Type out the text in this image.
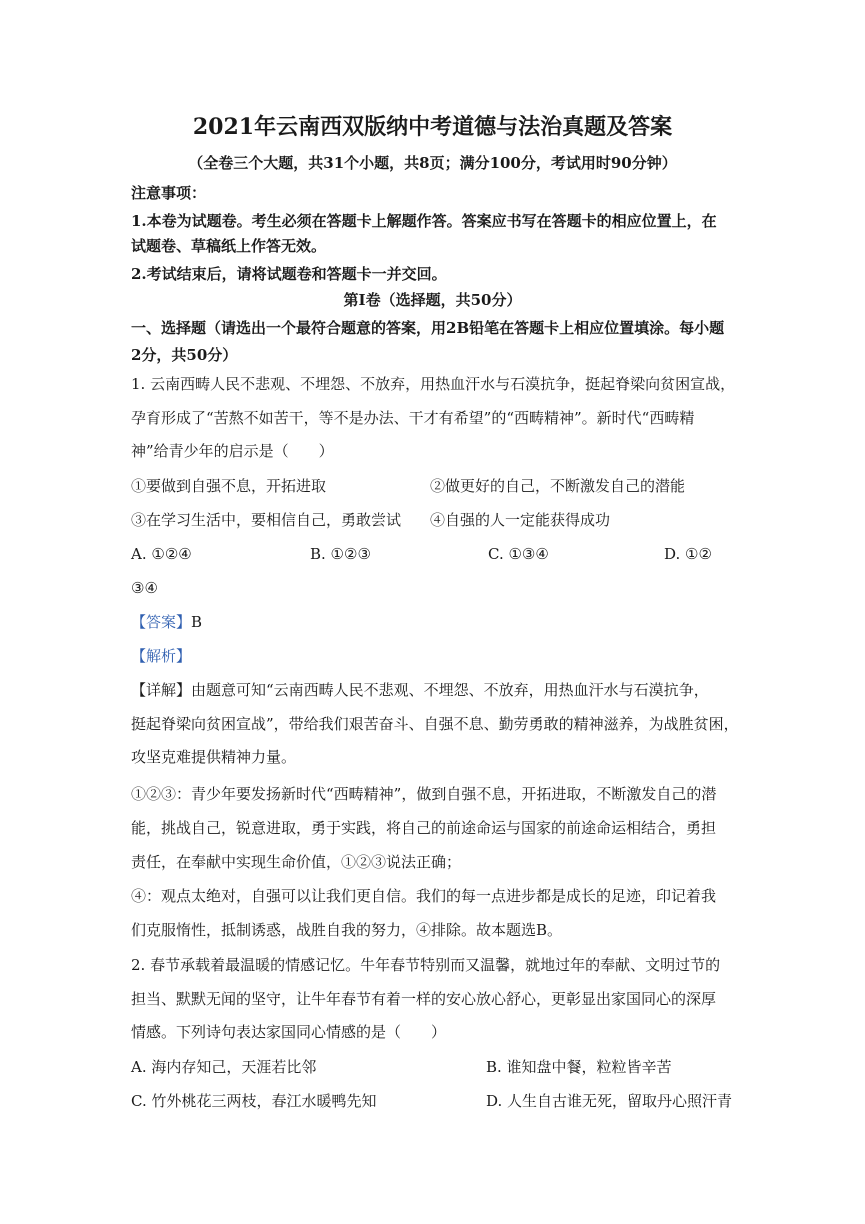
2021年云南西双版纳中考道德与法治真题及答案
（全卷三个大题，共31个小题，共8页；满分100分，考试用时90分钟）
注意事项：
1.本卷为试题卷。考生必须在答题卡上解题作答。答案应书写在答题卡的相应位置上，在
试题卷、草稿纸上作答无效。
2.考试结束后，请将试题卷和答题卡一并交回。
第Ⅰ卷（选择题，共50分）
一、选择题（请选出一个最符合题意的答案，用2B铅笔在答题卡上相应位置填涂。每小题
2分，共50分）
1. 云南西畴人民不悲观、不埋怨、不放弃，用热血汗水与石漠抗争，挺起脊梁向贫困宣战，
孕育形成了“苦熬不如苦干，等不是办法、干才有希望”的“西畴精神”。新时代“西畴精
神”给青少年的启示是（　　）
①要做到自强不息，开拓进取	②做更好的自己，不断激发自己的潜能
③在学习生活中，要相信自己，勇敢尝试 ④自强的人一定能获得成功
A. ①②④	B. ①②③	C. ①③④	D. ①②
③④
【答案】B
【解析】
【详解】由题意可知“云南西畴人民不悲观、不埋怨、不放弃，用热血汗水与石漠抗争，
挺起脊梁向贫困宣战”，带给我们艰苦奋斗、自强不息、勤劳勇敢的精神滋养，为战胜贫困，
攻坚克难提供精神力量。
①②③：青少年要发扬新时代“西畴精神”，做到自强不息，开拓进取，不断激发自己的潜
能，挑战自己，锐意进取，勇于实践，将自己的前途命运与国家的前途命运相结合，勇担
责任，在奉献中实现生命价值，①②③说法正确；
④：观点太绝对，自强可以让我们更自信。我们的每一点进步都是成长的足迹，印记着我
们克服惰性，抵制诱惑，战胜自我的努力，④排除。故本题选B。
2. 春节承载着最温暖的情感记忆。牛年春节特别而又温馨，就地过年的奉献、文明过节的
担当、默默无闻的坚守，让牛年春节有着一样的安心放心舒心，更彰显出家国同心的深厚
情感。下列诗句表达家国同心情感的是（　　）
A. 海内存知己，天涯若比邻	B. 谁知盘中餐，粒粒皆辛苦
C. 竹外桃花三两枝，春江水暖鸭先知	D. 人生自古谁无死，留取丹心照汗青
